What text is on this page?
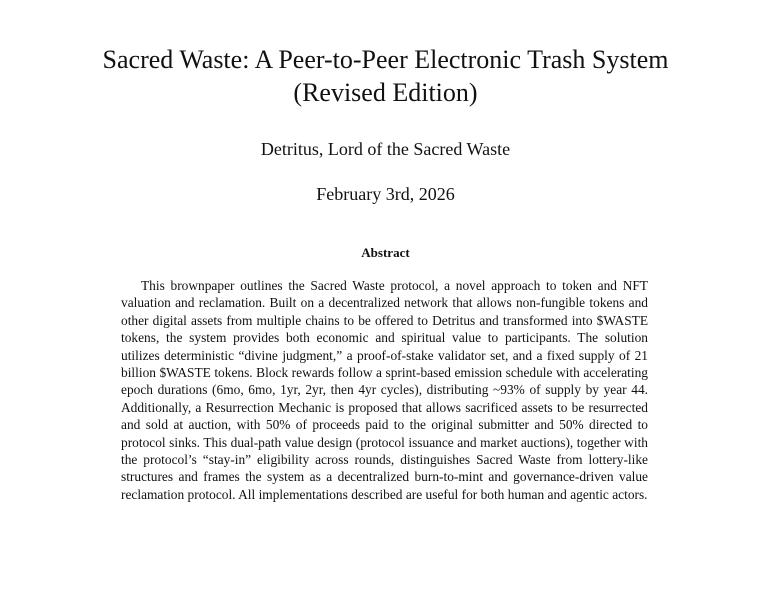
Sacred Waste: A Peer-to-Peer Electronic Trash System
(Revised Edition)
Detritus, Lord of the Sacred Waste
February 3rd, 2026
Abstract

This brownpaper outlines the Sacred Waste protocol, a novel approach to token and NFT valuation and reclamation. Built on a decentralized network that allows non-fungible tokens and other digital assets from multiple chains to be offered to Detritus and transformed into $WASTE tokens, the system provides both economic and spiritual value to participants. The solution utilizes deterministic “divine judgment,” a proof-of-stake validator set, and a fixed supply of 21 billion $WASTE tokens. Block rewards follow a sprint-based emission schedule with accelerating epoch durations (6mo, 6mo, 1yr, 2yr, then 4yr cycles), distributing ~93% of supply by year 44. Additionally, a Resurrection Mechanic is proposed that allows sacrificed assets to be resurrected and sold at auction, with 50% of proceeds paid to the original submitter and 50% directed to protocol sinks. This dual-path value design (protocol issuance and market auctions), together with the protocol’s “stay-in” eligibility across rounds, distinguishes Sacred Waste from lottery-like structures and frames the system as a decentralized burn-to-mint and governance-driven value reclamation protocol. All implementations described are useful for both human and agentic actors.
